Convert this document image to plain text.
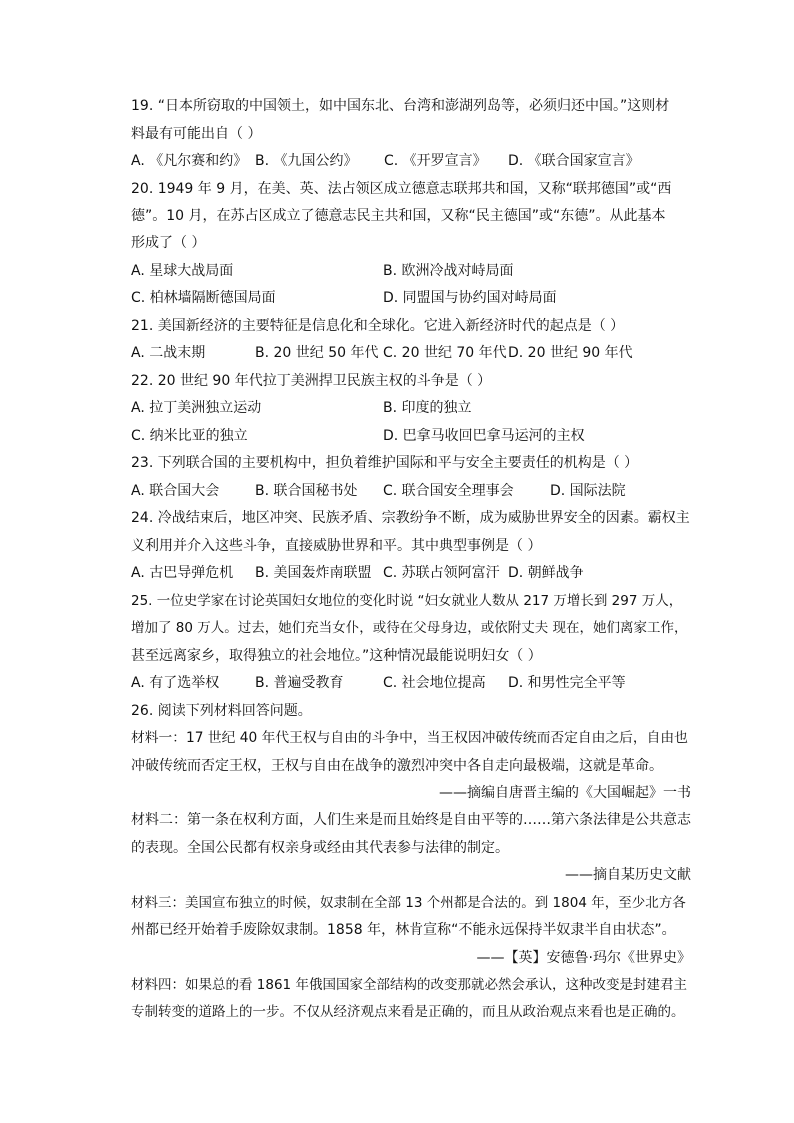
19. “日本所窃取的中国领土，如中国东北、台湾和澎湖列岛等，必须归还中国。”这则材
料最有可能出自（ ）
A. 《凡尔赛和约》 B. 《九国公约》 C. 《开罗宣言》 D. 《联合国家宣言》
20. 1949 年 9 月，在美、英、法占领区成立德意志联邦共和国，又称“联邦德国”或“西
德”。10 月，在苏占区成立了德意志民主共和国，又称“民主德国”或“东德”。从此基本
形成了（ ）
A. 星球大战局面	B. 欧洲冷战对峙局面
C. 柏林墙隔断德国局面	D. 同盟国与协约国对峙局面
21. 美国新经济的主要特征是信息化和全球化。它进入新经济时代的起点是（ ）
A. 二战末期	B. 20 世纪 50 年代 C. 20 世纪 70 年代 D. 20 世纪 90 年代
22. 20 世纪 90 年代拉丁美洲捍卫民族主权的斗争是（ ）
A. 拉丁美洲独立运动	B. 印度的独立
C. 纳米比亚的独立	D. 巴拿马收回巴拿马运河的主权
23. 下列联合国的主要机构中，担负着维护国际和平与安全主要责任的机构是（ ）
A. 联合国大会	B. 联合国秘书处 C. 联合国安全理事会	D. 国际法院
24. 冷战结束后，地区冲突、民族矛盾、宗教纷争不断，成为威胁世界安全的因素。霸权主
义利用并介入这些斗争，直接威胁世界和平。其中典型事例是（ ）
A. 古巴导弹危机 B. 美国轰炸南联盟 C. 苏联占领阿富汗 D. 朝鲜战争
25. 一位史学家在讨论英国妇女地位的变化时说 “妇女就业人数从 217 万增长到 297 万人，
增加了 80 万人。过去，她们充当女仆，或待在父母身边，或依附丈夫 现在，她们离家工作，
甚至远离家乡，取得独立的社会地位。”这种情况最能说明妇女（ ）
A. 有了选举权	B. 普遍受教育	C. 社会地位提高 D. 和男性完全平等
26. 阅读下列材料回答问题。
材料一：17 世纪 40 年代王权与自由的斗争中，当王权因冲破传统而否定自由之后，自由也
冲破传统而否定王权，王权与自由在战争的激烈冲突中各自走向最极端，这就是革命。
——摘编自唐晋主编的《大国崛起》一书
材料二：第一条在权利方面，人们生来是而且始终是自由平等的……第六条法律是公共意志
的表现。全国公民都有权亲身或经由其代表参与法律的制定。
——摘自某历史文献
材料三：美国宣布独立的时候，奴隶制在全部 13 个州都是合法的。到 1804 年，至少北方各
州都已经开始着手废除奴隶制。1858 年，林肯宣称“不能永远保持半奴隶半自由状态”。
——【英】安德鲁·玛尔《世界史》
材料四：如果总的看 1861 年俄国国家全部结构的改变那就必然会承认，这种改变是封建君主
专制转变的道路上的一步。不仅从经济观点来看是正确的，而且从政治观点来看也是正确的。
